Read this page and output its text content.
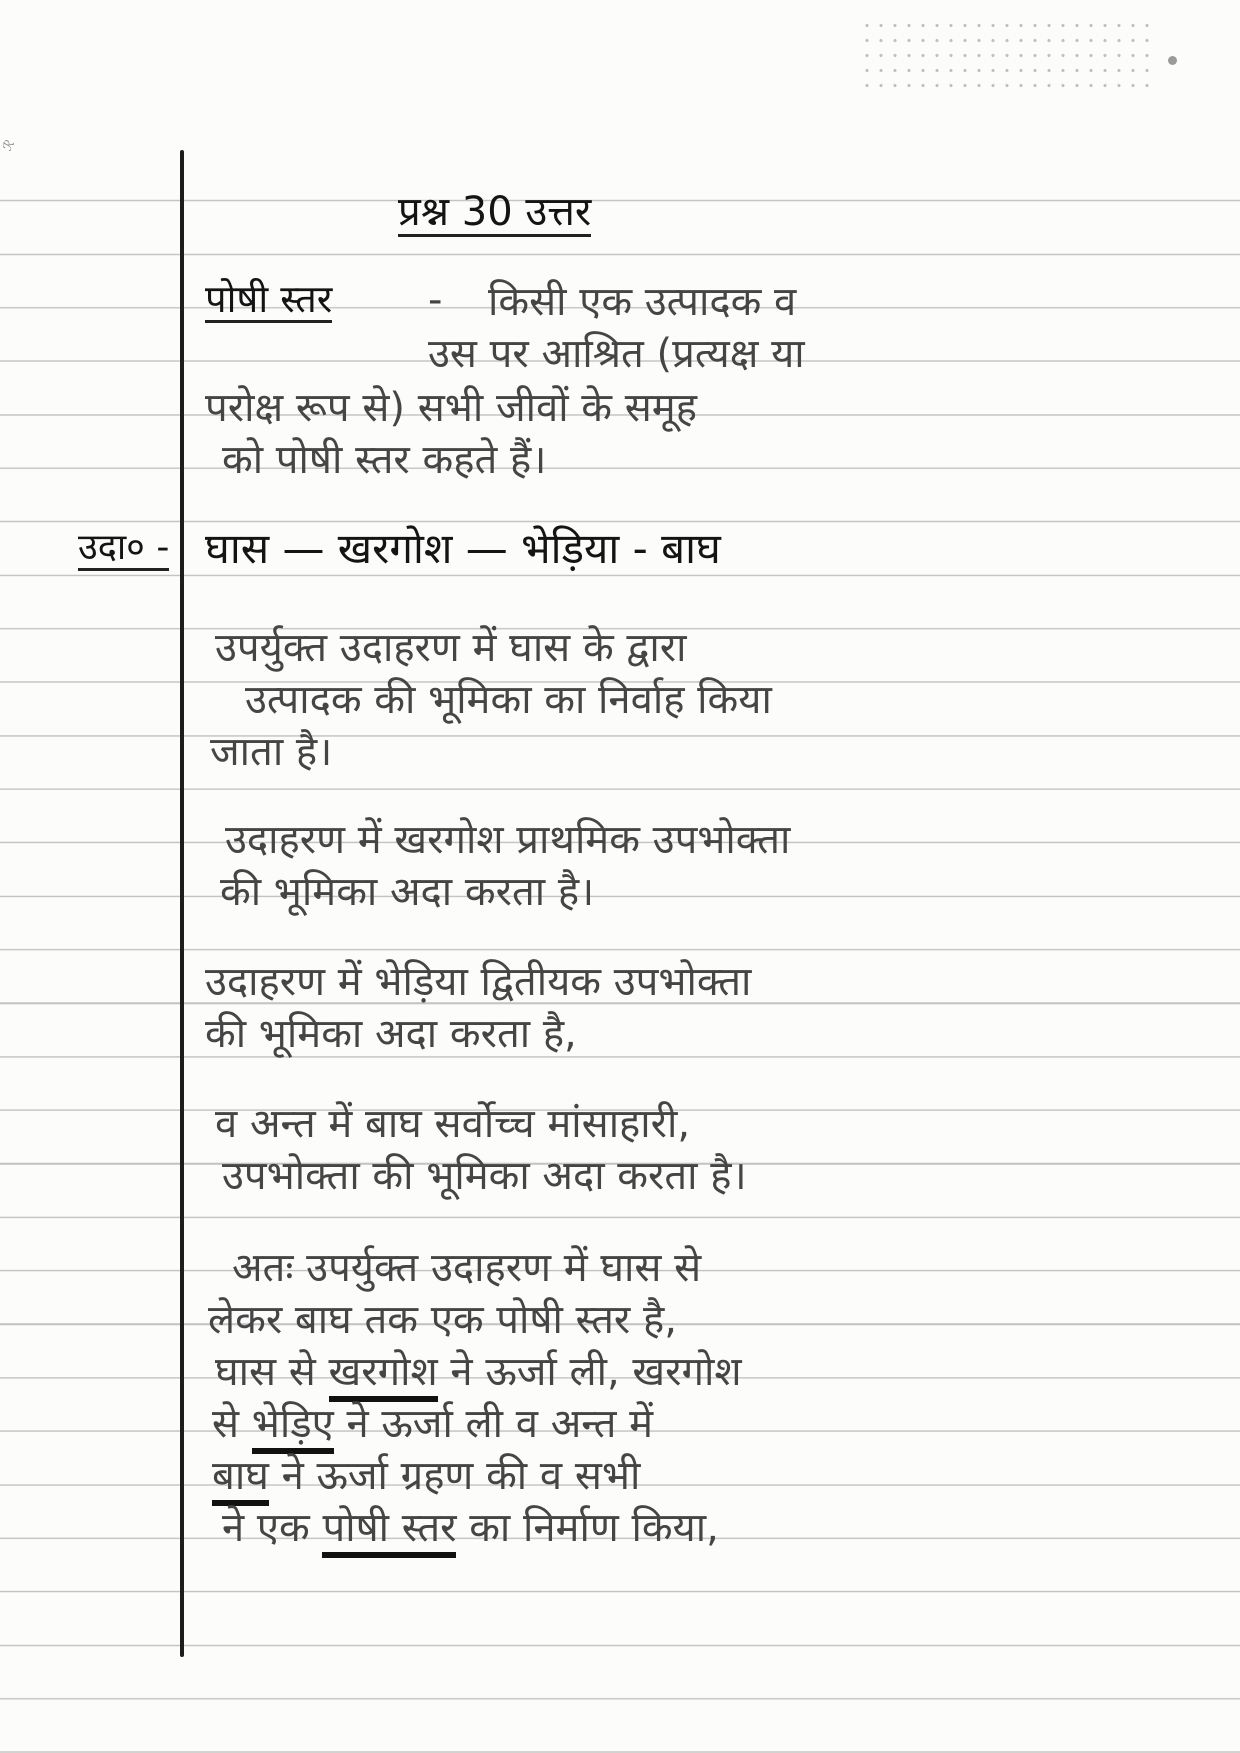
ℛ
प्रश्न 30 उत्तर
पोषी स्तर - किसी एक उत्पादक व
उस पर आश्रित (प्रत्यक्ष या
परोक्ष रूप से) सभी जीवों के समूह
को पोषी स्तर कहते हैं।
उदा० - घास — खरगोश — भेड़िया - बाघ
उपर्युक्त उदाहरण में घास के द्वारा
उत्पादक की भूमिका का निर्वाह किया
जाता है।
उदाहरण में खरगोश प्राथमिक उपभोक्ता
की भूमिका अदा करता है।
उदाहरण में भेड़िया द्वितीयक उपभोक्ता
की भूमिका अदा करता है,
व अन्त में बाघ सर्वोच्च मांसाहारी,
उपभोक्ता की भूमिका अदा करता है।
अतः उपर्युक्त उदाहरण में घास से
लेकर बाघ तक एक पोषी स्तर है,
घास से खरगोश ने ऊर्जा ली, खरगोश
से भेड़िए ने ऊर्जा ली व अन्त में
बाघ ने ऊर्जा ग्रहण की व सभी
ने एक पोषी स्तर का निर्माण किया,
